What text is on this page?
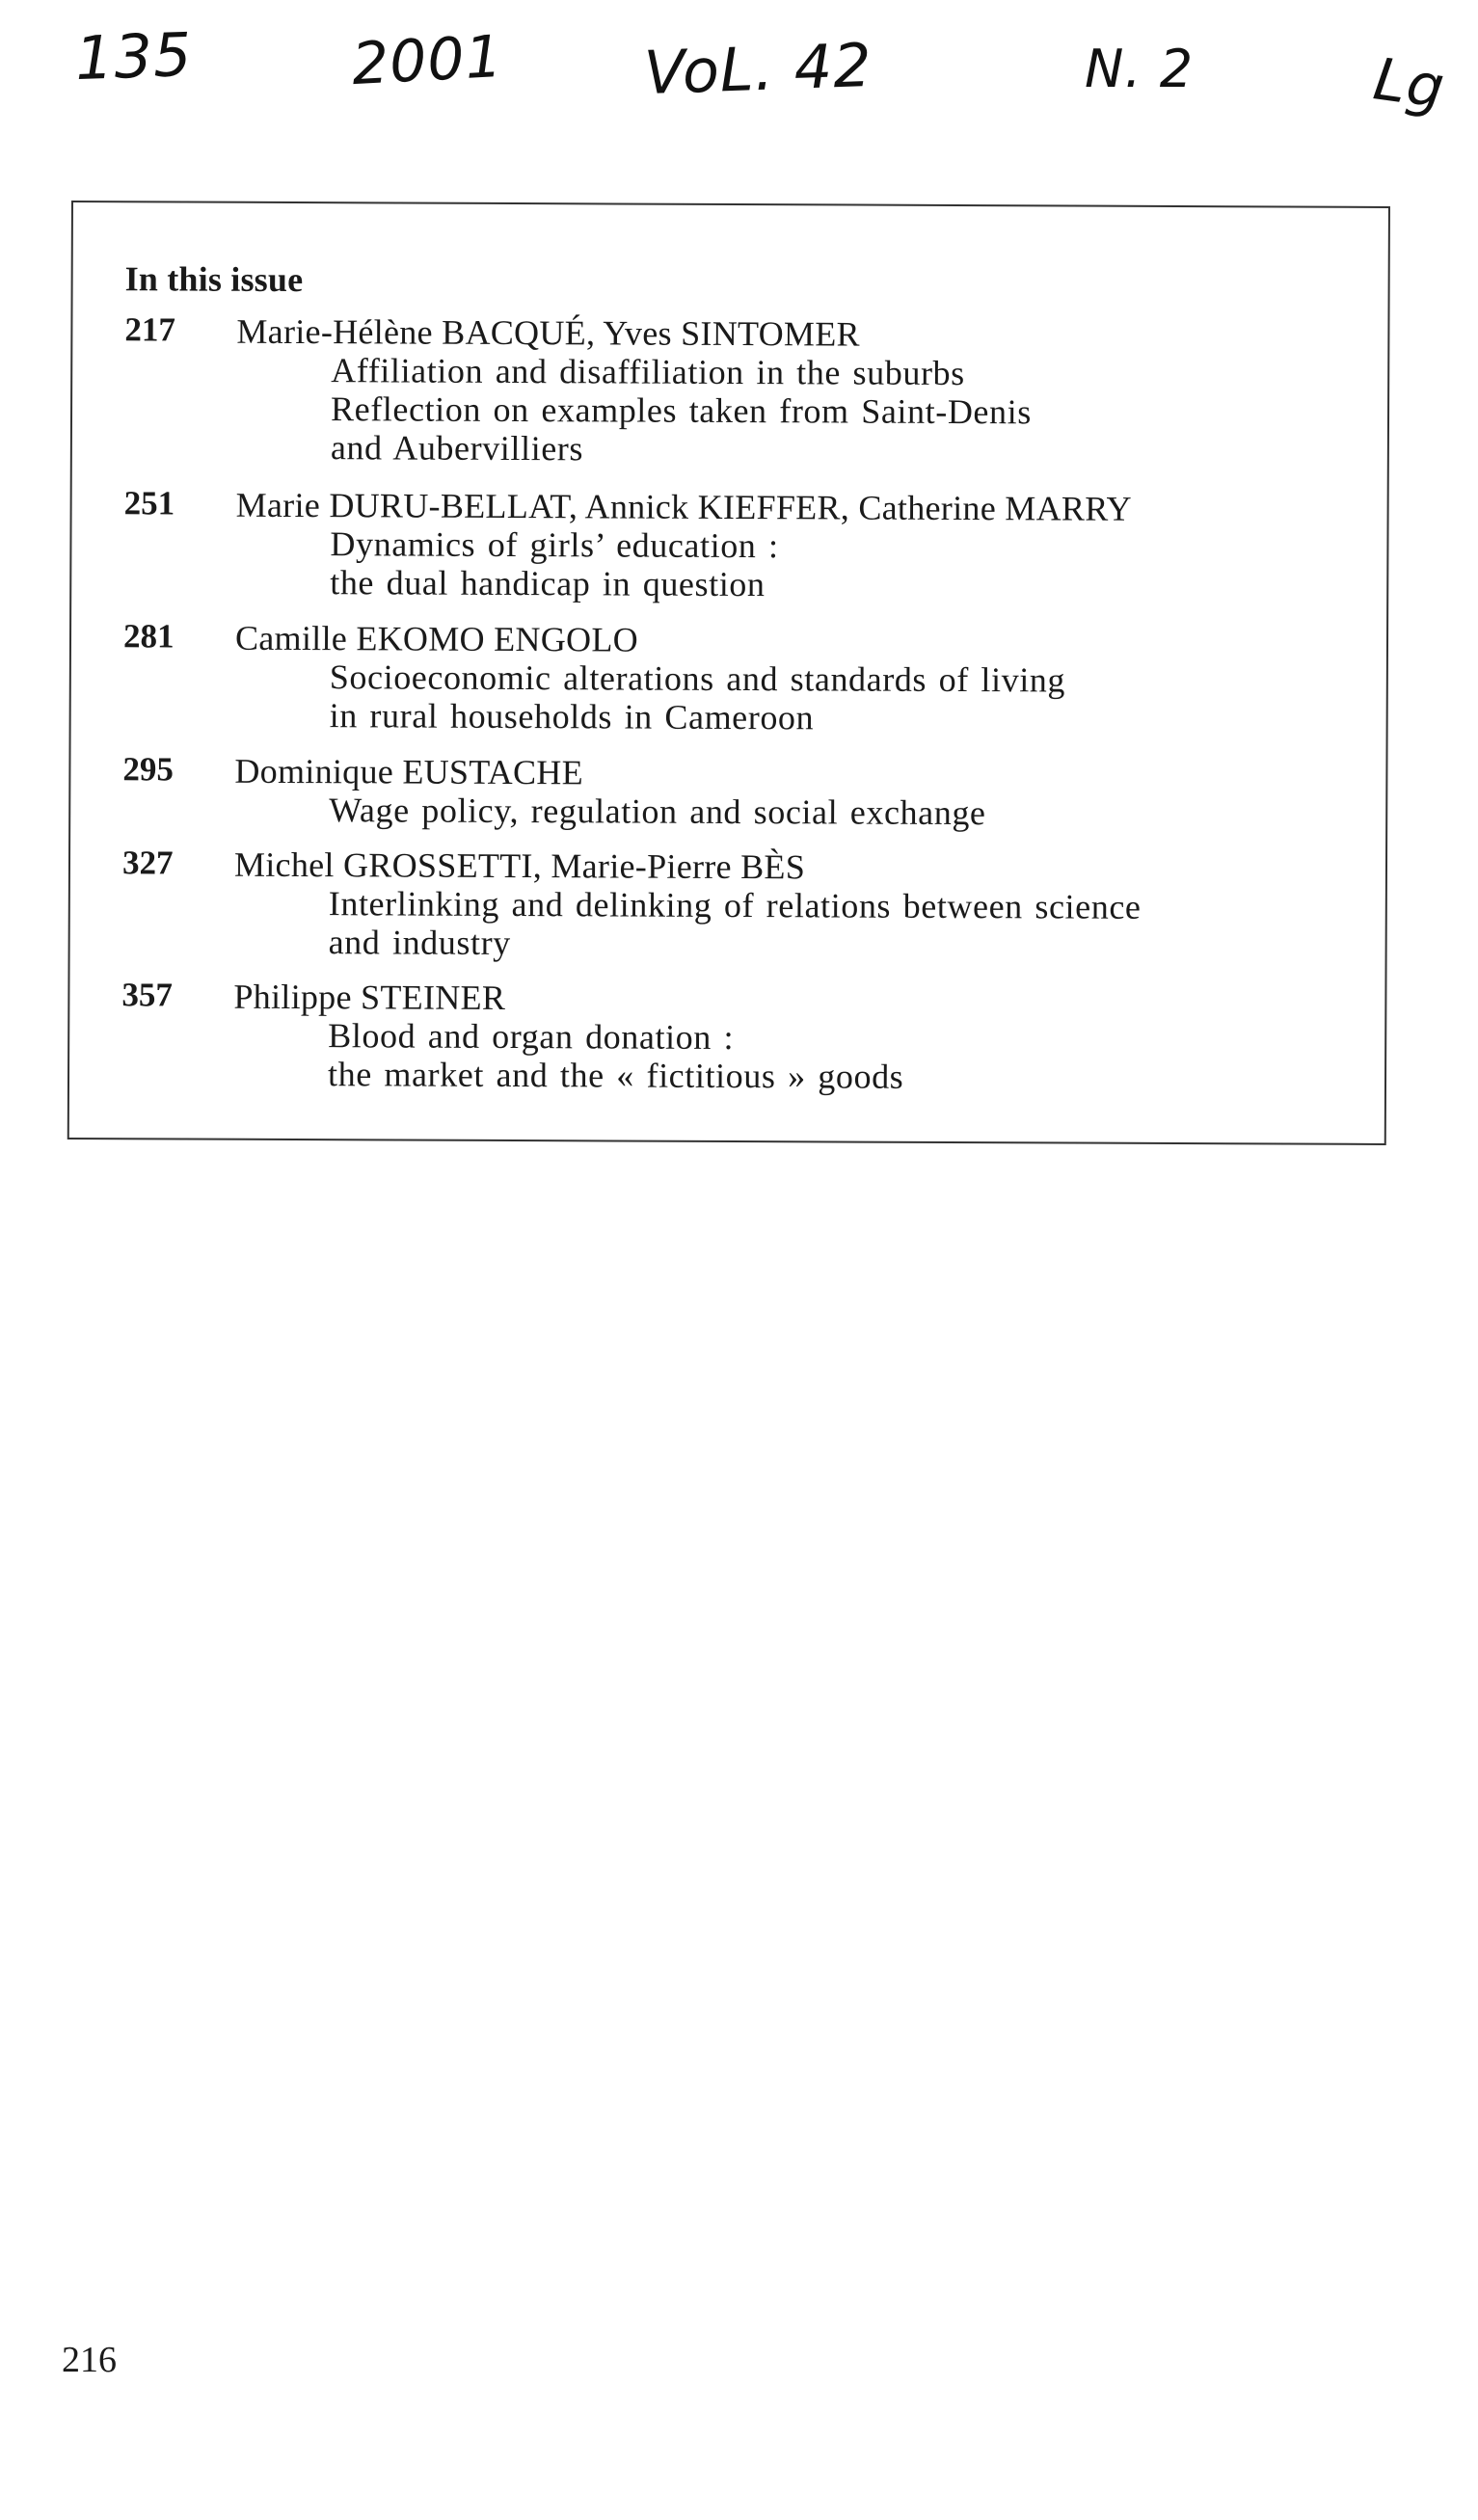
135	2001 VoL. 42	N. 2	Lg
In this issue
217 Marie-Hélène BACQUÉ, Yves SINTOMER
Affiliation and disaffiliation in the suburbs
Reflection on examples taken from Saint-Denis
and Aubervilliers
251 Marie DURU-BELLAT, Annick KIEFFER, Catherine MARRY
Dynamics of girls’ education :
the dual handicap in question
281 Camille EKOMO ENGOLO
Socioeconomic alterations and standards of living
in rural households in Cameroon
295 Dominique EUSTACHE
Wage policy, regulation and social exchange
327 Michel GROSSETTI, Marie-Pierre BÈS
Interlinking and delinking of relations between science
and industry
357 Philippe STEINER
Blood and organ donation :
the market and the « fictitious » goods
216
